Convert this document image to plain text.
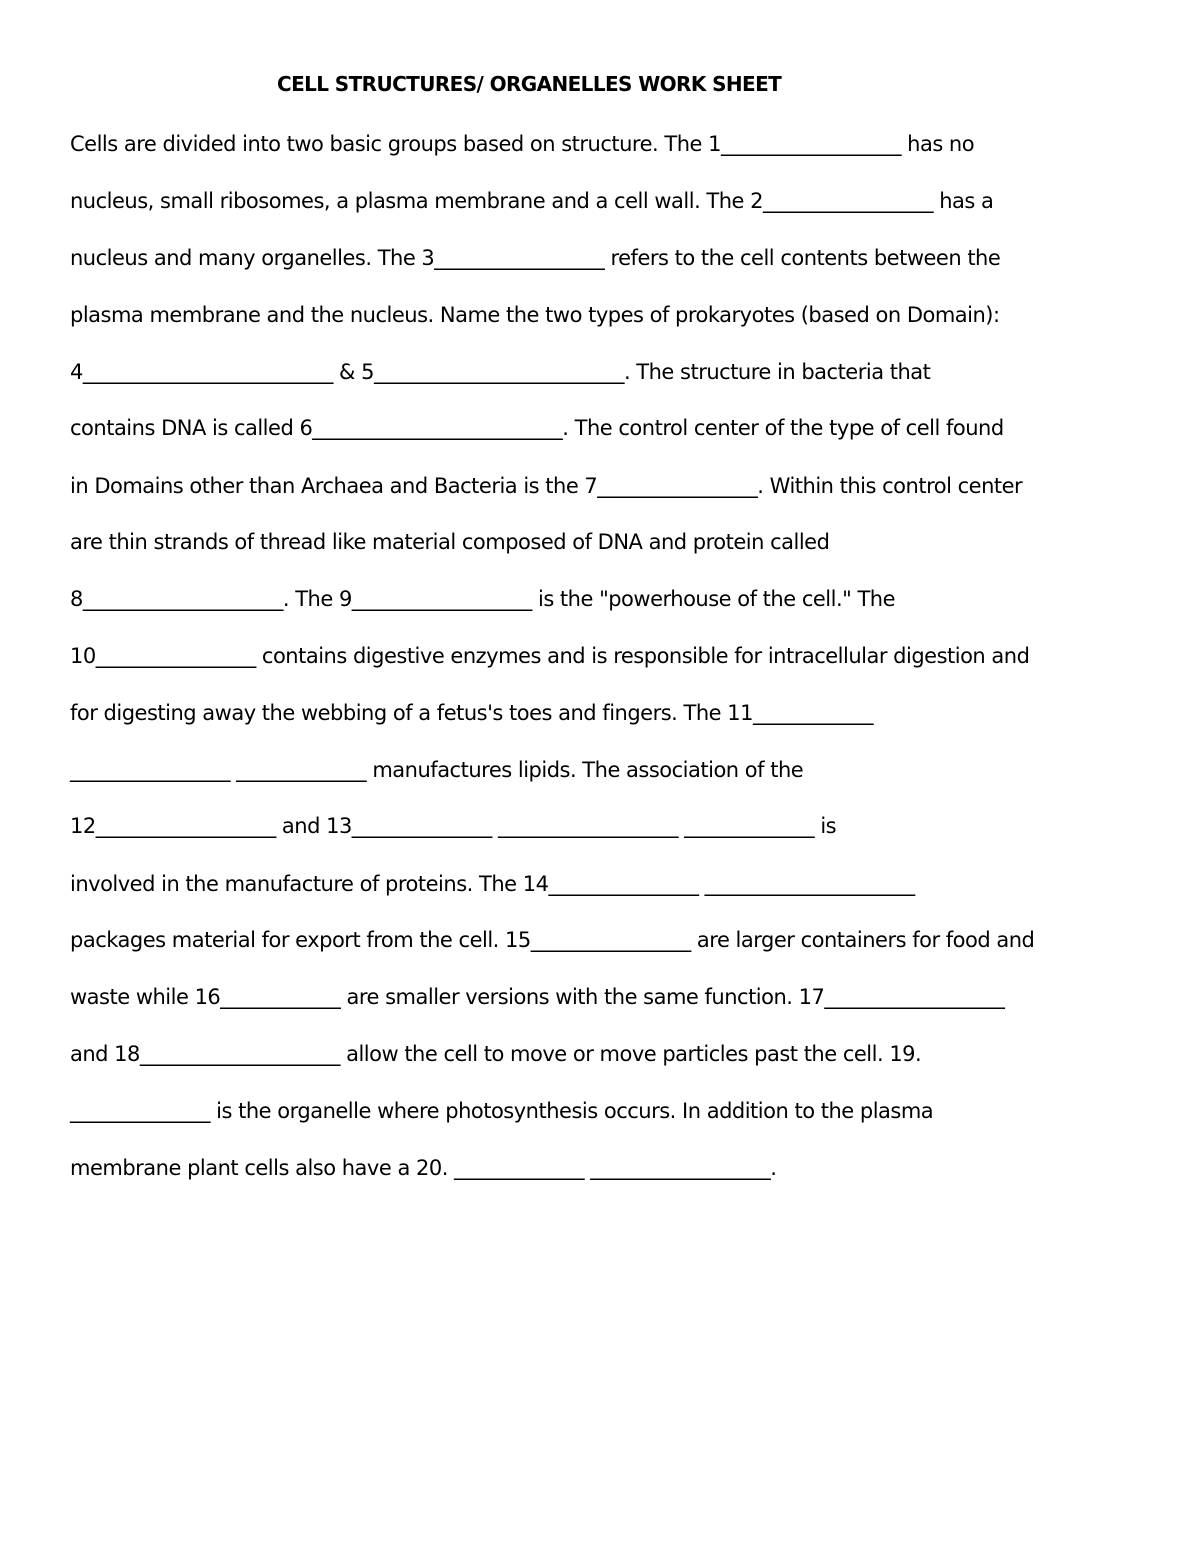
CELL STRUCTURES/ ORGANELLES WORK SHEET
Cells are divided into two basic groups based on structure. The 1__________________ has no
nucleus, small ribosomes, a plasma membrane and a cell wall. The 2_________________ has a
nucleus and many organelles. The 3_________________ refers to the cell contents between the
plasma membrane and the nucleus. Name the two types of prokaryotes (based on Domain):
4_________________________ & 5_________________________. The structure in bacteria that
contains DNA is called 6_________________________. The control center of the type of cell found
in Domains other than Archaea and Bacteria is the 7________________. Within this control center
are thin strands of thread like material composed of DNA and protein called
8____________________. The 9__________________ is the "powerhouse of the cell." The
10________________ contains digestive enzymes and is responsible for intracellular digestion and
for digesting away the webbing of a fetus's toes and fingers. The 11____________
________________ _____________ manufactures lipids. The association of the
12__________________ and 13______________ __________________ _____________ is
involved in the manufacture of proteins. The 14_______________ _____________________
packages material for export from the cell. 15________________ are larger containers for food and
waste while 16____________ are smaller versions with the same function. 17__________________
and 18____________________ allow the cell to move or move particles past the cell. 19.
______________ is the organelle where photosynthesis occurs. In addition to the plasma
membrane plant cells also have a 20. _____________ __________________.
